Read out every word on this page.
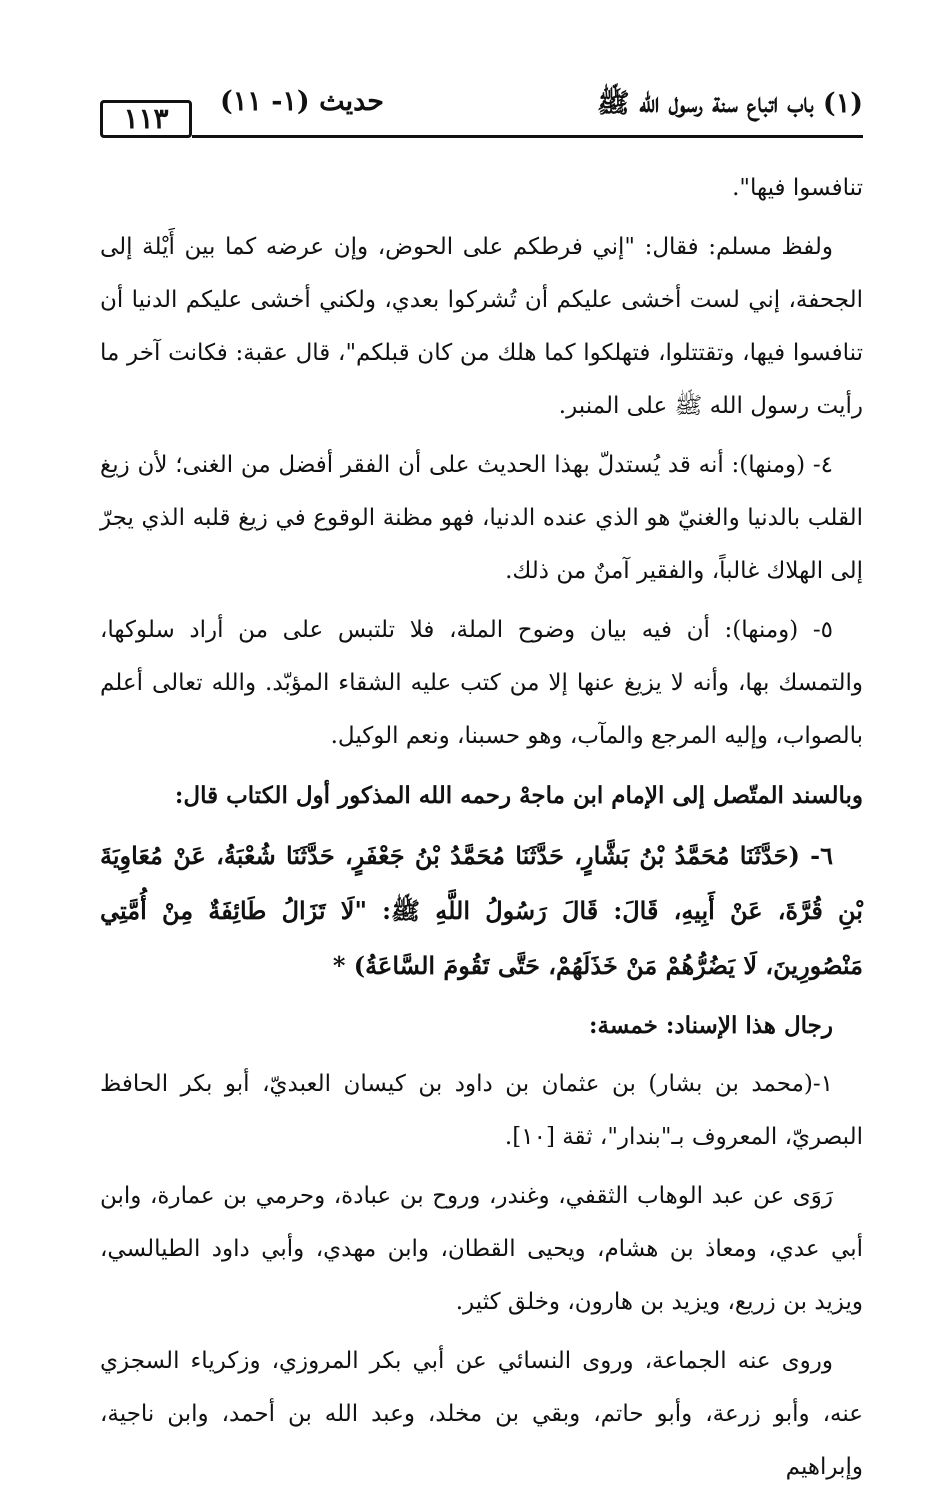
(١) باب اتباع سنة رسول الله ﷺ
حديث (١- ١١)
١١٣

تنافسوا فيها".

ولفظ مسلم: فقال: "إني فرطكم على الحوض، وإن عرضه كما بين أَيْلة إلى الجحفة، إني لست أخشى عليكم أن تُشركوا بعدي، ولكني أخشى عليكم الدنيا أن تنافسوا فيها، وتقتتلوا، فتهلكوا كما هلك من كان قبلكم"، قال عقبة: فكانت آخر ما رأيت رسول الله ﷺ على المنبر.

٤- (ومنها): أنه قد يُستدلّ بهذا الحديث على أن الفقر أفضل من الغنى؛ لأن زيغ القلب بالدنيا والغنيّ هو الذي عنده الدنيا، فهو مظنة الوقوع في زيغ قلبه الذي يجرّ إلى الهلاك غالباً، والفقير آمنٌ من ذلك.

٥- (ومنها): أن فيه بيان وضوح الملة، فلا تلتبس على من أراد سلوكها، والتمسك بها، وأنه لا يزيغ عنها إلا من كتب عليه الشقاء المؤبّد. والله تعالى أعلم بالصواب، وإليه المرجع والمآب، وهو حسبنا، ونعم الوكيل.

وبالسند المتّصل إلى الإمام ابن ماجهْ رحمه الله المذكور أول الكتاب قال:

٦- (حَدَّثَنَا مُحَمَّدُ بْنُ بَشَّارٍ، حَدَّثَنَا مُحَمَّدُ بْنُ جَعْفَرٍ، حَدَّثَنَا شُعْبَةُ، عَنْ مُعَاوِيَةَ بْنِ قُرَّةَ، عَنْ أَبِيهِ، قَالَ: قَالَ رَسُولُ اللَّهِ ﷺ: "لَا تَزَالُ طَائِفَةٌ مِنْ أُمَّتِي مَنْصُورِينَ، لَا يَضُرُّهُمْ مَنْ خَذَلَهُمْ، حَتَّى تَقُومَ السَّاعَةُ) *

رجال هذا الإسناد: خمسة:

١-(محمد بن بشار) بن عثمان بن داود بن كيسان العبديّ، أبو بكر الحافظ البصريّ، المعروف بـ"بندار"، ثقة [١٠].

رَوَى عن عبد الوهاب الثقفي، وغندر، وروح بن عبادة، وحرمي بن عمارة، وابن أبي عدي، ومعاذ بن هشام، ويحيى القطان، وابن مهدي، وأبي داود الطيالسي، ويزيد بن زريع، ويزيد بن هارون، وخلق كثير.

وروى عنه الجماعة، وروى النسائي عن أبي بكر المروزي، وزكرياء السجزي عنه، وأبو زرعة، وأبو حاتم، وبقي بن مخلد، وعبد الله بن أحمد، وابن ناجية، وإبراهيم
